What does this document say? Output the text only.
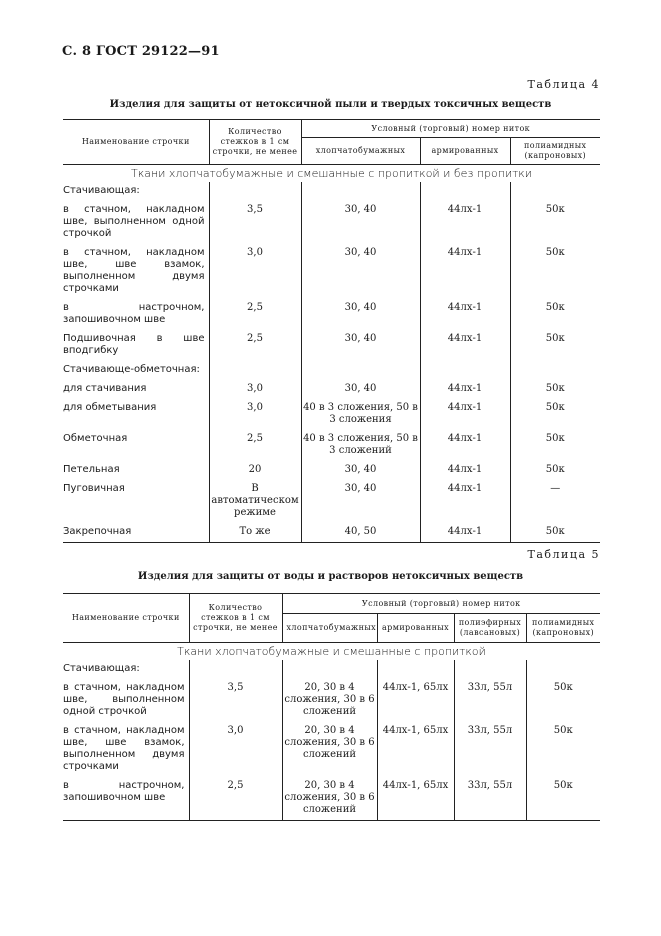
С. 8 ГОСТ 29122—91
Таблица 4
Изделия для защиты от нетоксичной пыли и твердых токсичных веществ
Наименование строчки	Количество стежков в 1 см строчки, не менее	Условный (торговый) номер ниток		
		хлопчатобумажных	армированных	полиамидных (капроновых)
Ткани хлопчатобумажные и смешанные с пропиткой и без пропитки				
Стачивающая:				
в стачном, накладном шве, выполненном одной строчкой	3,5	30, 40	44лх-1	50к
в стачном, накладном шве, шве взамок, выполненном двумя строчками	3,0	30, 40	44лх-1	50к
в настрочном, запошивочном шве	2,5	30, 40	44лх-1	50к
Подшивочная в шве вподгибку	2,5	30, 40	44лх-1	50к
Стачивающе-обметочная:				
для стачивания	3,0	30, 40	44лх-1	50к
для обметывания	3,0	40 в 3 сложения, 50 в 3 сложения	44лх-1	50к
Обметочная	2,5	40 в 3 сложения, 50 в 3 сложений	44лх-1	50к
Петельная	20	30, 40	44лх-1	50к
Пуговичная	В автоматическом режиме	30, 40	44лх-1	—
Закрепочная	То же	40, 50	44лх-1	50к
Таблица 5
Изделия для защиты от воды и растворов нетоксичных веществ
Наименование строчки	Количество стежков в 1 см строчки, не менее	Условный (торговый) номер ниток			
		хлопчатобумажных	армированных	полиэфирных (лавсановых)	полиамидных (капроновых)
Ткани хлопчатобумажные и смешанные с пропиткой					
Стачивающая:					
в стачном, накладном шве, выполненном одной строчкой	3,5	20, 30 в 4 сложения, 30 в 6 сложений	44лх-1, 65лх	33л, 55л	50к
в стачном, накладном шве, шве взамок, выполненном двумя строчками	3,0	20, 30 в 4 сложения, 30 в 6 сложений	44лх-1, 65лх	33л, 55л	50к
в настрочном, запошивочном шве	2,5	20, 30 в 4 сложения, 30 в 6 сложений	44лх-1, 65лх	33л, 55л	50к
